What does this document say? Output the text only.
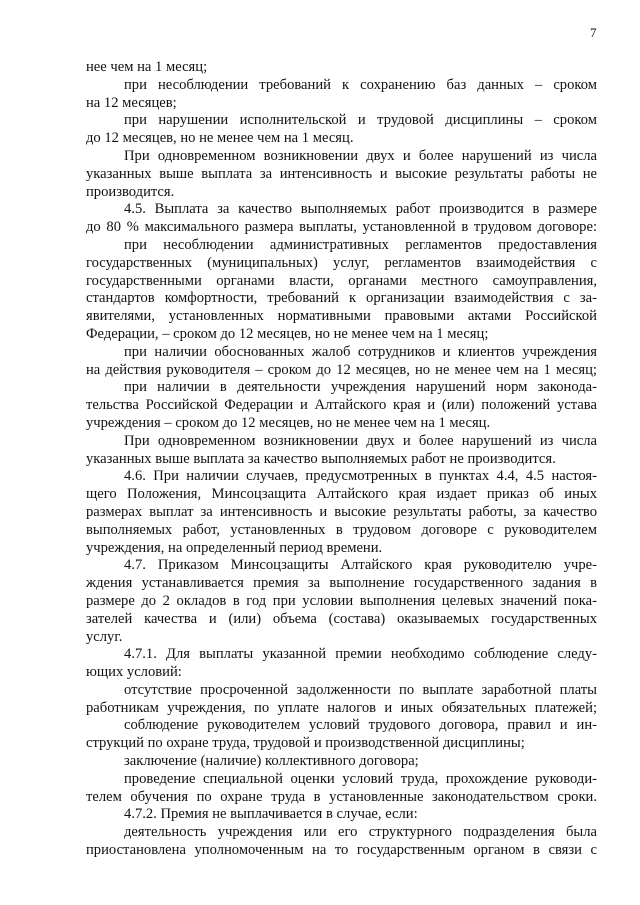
7
нее чем на 1 месяц;
при несоблюдении требований к сохранению баз данных – сроком
на 12 месяцев;
при нарушении исполнительской и трудовой дисциплины – сроком
до 12 месяцев, но не менее чем на 1 месяц.
При одновременном возникновении двух и более нарушений из числа
указанных выше выплата за интенсивность и высокие результаты работы не
производится.
4.5. Выплата за качество выполняемых работ производится в размере
до 80 % максимального размера выплаты, установленной в трудовом договоре:
при несоблюдении административных регламентов предоставления
государственных (муниципальных) услуг, регламентов взаимодействия с
государственными органами власти, органами местного самоуправления,
стандартов комфортности, требований к организации взаимодействия с за-
явителями, установленных нормативными правовыми актами Российской
Федерации, – сроком до 12 месяцев, но не менее чем на 1 месяц;
при наличии обоснованных жалоб сотрудников и клиентов учреждения
на действия руководителя – сроком до 12 месяцев, но не менее чем на 1 месяц;
при наличии в деятельности учреждения нарушений норм законода-
тельства Российской Федерации и Алтайского края и (или) положений устава
учреждения – сроком до 12 месяцев, но не менее чем на 1 месяц.
При одновременном возникновении двух и более нарушений из числа
указанных выше выплата за качество выполняемых работ не производится.
4.6. При наличии случаев, предусмотренных в пунктах 4.4, 4.5 настоя-
щего Положения, Минсоцзащита Алтайского края издает приказ об иных
размерах выплат за интенсивность и высокие результаты работы, за качество
выполняемых работ, установленных в трудовом договоре с руководителем
учреждения, на определенный период времени.
4.7. Приказом Минсоцзащиты Алтайского края руководителю учре-
ждения устанавливается премия за выполнение государственного задания в
размере до 2 окладов в год при условии выполнения целевых значений пока-
зателей качества и (или) объема (состава) оказываемых государственных
услуг.
4.7.1. Для выплаты указанной премии необходимо соблюдение следу-
ющих условий:
отсутствие просроченной задолженности по выплате заработной платы
работникам учреждения, по уплате налогов и иных обязательных платежей;
соблюдение руководителем условий трудового договора, правил и ин-
струкций по охране труда, трудовой и производственной дисциплины;
заключение (наличие) коллективного договора;
проведение специальной оценки условий труда, прохождение руководи-
телем обучения по охране труда в установленные законодательством сроки.
4.7.2. Премия не выплачивается в случае, если:
деятельность учреждения или его структурного подразделения была
приостановлена уполномоченным на то государственным органом в связи с
